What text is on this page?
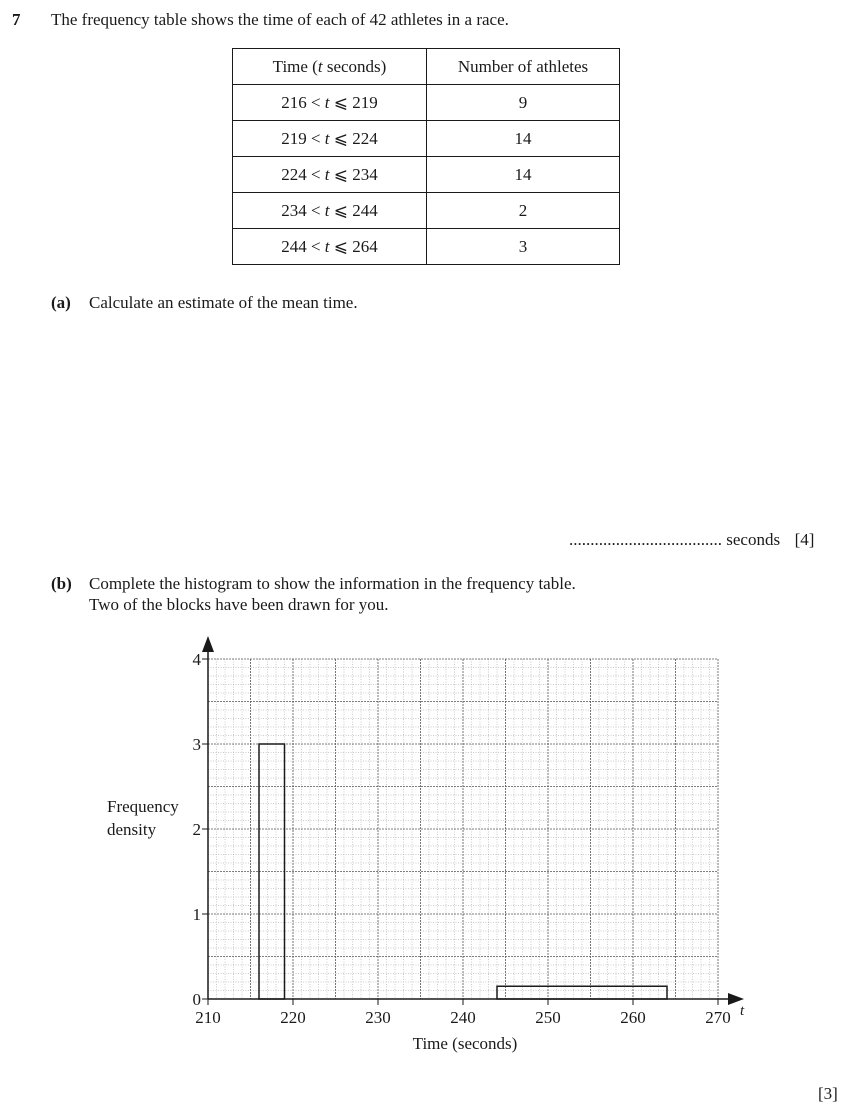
7 The frequency table shows the time of each of 42 athletes in a race.
Time (t seconds)	Number of athletes
216 < t ⩽ 219	9
219 < t ⩽ 224	14
224 < t ⩽ 234	14
234 < t ⩽ 244	2
244 < t ⩽ 264	3
(a) Calculate an estimate of the mean time.
.................................... seconds [4]
(b) Complete the histogram to show the information in the frequency table.
Two of the blocks have been drawn for you.
210	220	230	240	250	260	270
0
1
2
3
4
Frequency
density
Time (seconds)
t
[3]
